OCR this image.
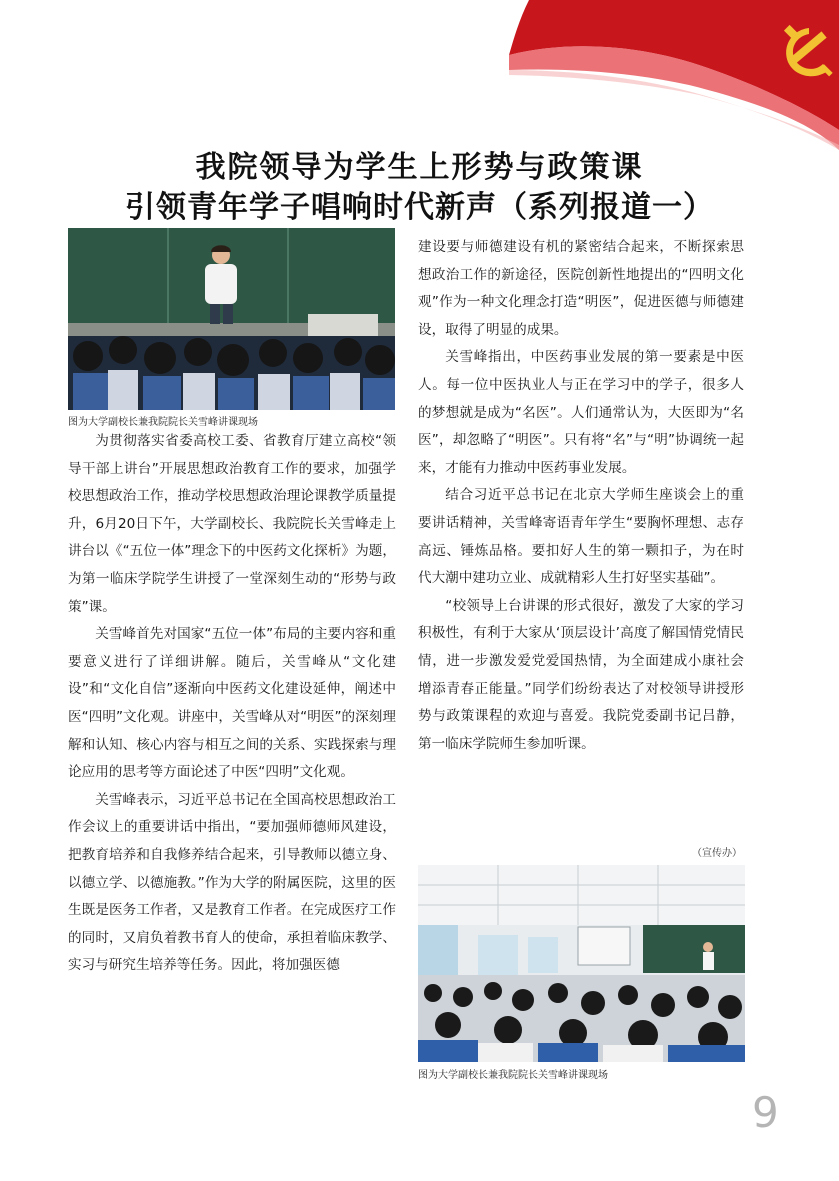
我院领导为学生上形势与政策课
引领青年学子唱响时代新声（系列报道一）
图为大学副校长兼我院院长关雪峰讲课现场

为贯彻落实省委高校工委、省教育厅建立高校“领导干部上讲台”开展思想政治教育工作的要求，加强学校思想政治工作，推动学校思想政治理论课教学质量提升，6月20日下午，大学副校长、我院院长关雪峰走上讲台以《“五位一体”理念下的中医药文化探析》为题，为第一临床学院学生讲授了一堂深刻生动的“形势与政策”课。

关雪峰首先对国家“五位一体”布局的主要内容和重要意义进行了详细讲解。随后，关雪峰从“文化建设”和“文化自信”逐渐向中医药文化建设延伸，阐述中医“四明”文化观。讲座中，关雪峰从对“明医”的深刻理解和认知、核心内容与相互之间的关系、实践探索与理论应用的思考等方面论述了中医“四明”文化观。

关雪峰表示，习近平总书记在全国高校思想政治工作会议上的重要讲话中指出，“要加强师德师风建设，把教育培养和自我修养结合起来，引导教师以德立身、以德立学、以德施教。”作为大学的附属医院，这里的医生既是医务工作者，又是教育工作者。在完成医疗工作的同时，又肩负着教书育人的使命，承担着临床教学、实习与研究生培养等任务。因此，将加强医德

建设要与师德建设有机的紧密结合起来，不断探索思想政治工作的新途径，医院创新性地提出的“四明文化观”作为一种文化理念打造“明医”，促进医德与师德建设，取得了明显的成果。

关雪峰指出，中医药事业发展的第一要素是中医人。每一位中医执业人与正在学习中的学子，很多人的梦想就是成为“名医”。人们通常认为，大医即为“名医”，却忽略了“明医”。只有将“名”与“明”协调统一起来，才能有力推动中医药事业发展。

结合习近平总书记在北京大学师生座谈会上的重要讲话精神，关雪峰寄语青年学生“要胸怀理想、志存高远、锤炼品格。要扣好人生的第一颗扣子，为在时代大潮中建功立业、成就精彩人生打好坚实基础”。

“校领导上台讲课的形式很好，激发了大家的学习积极性，有利于大家从‘顶层设计’高度了解国情党情民情，进一步激发爱党爱国热情，为全面建成小康社会增添青春正能量。”同学们纷纷表达了对校领导讲授形势与政策课程的欢迎与喜爱。我院党委副书记吕静，第一临床学院师生参加听课。

（宣传办）
图为大学副校长兼我院院长关雪峰讲课现场
9
